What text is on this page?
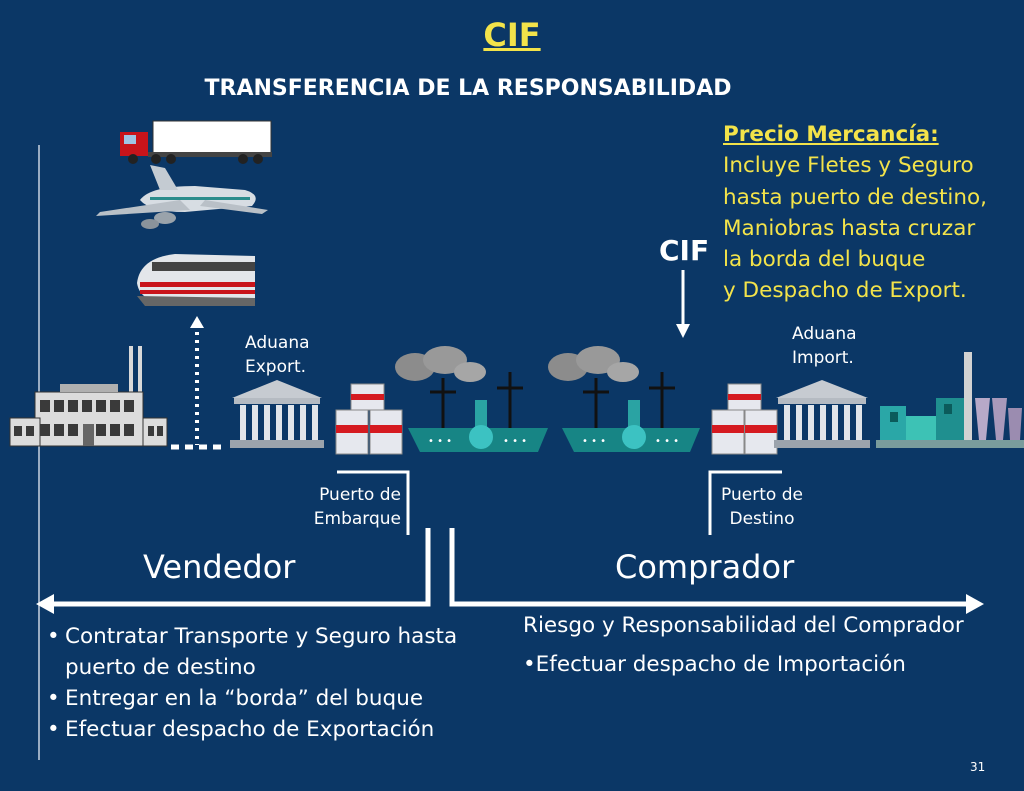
• • •	• • •	• • •	• • •
CIF
TRANSFERENCIA DE LA RESPONSABILIDAD
Precio Mercancía:
Incluye Fletes y Seguro
hasta puerto de destino,
Maniobras hasta cruzar
la borda del buque
y Despacho de Export.
CIF
Aduana
Export.
Aduana
Import.
Puerto de
Embarque
Puerto de
Destino
Vendedor	Comprador
• Contratar Transporte y Seguro hasta puerto de destino
• Entregar en la “borda” del buque
• Efectuar despacho de Exportación
Riesgo y Responsabilidad del Comprador
•Efectuar despacho de Importación
31
